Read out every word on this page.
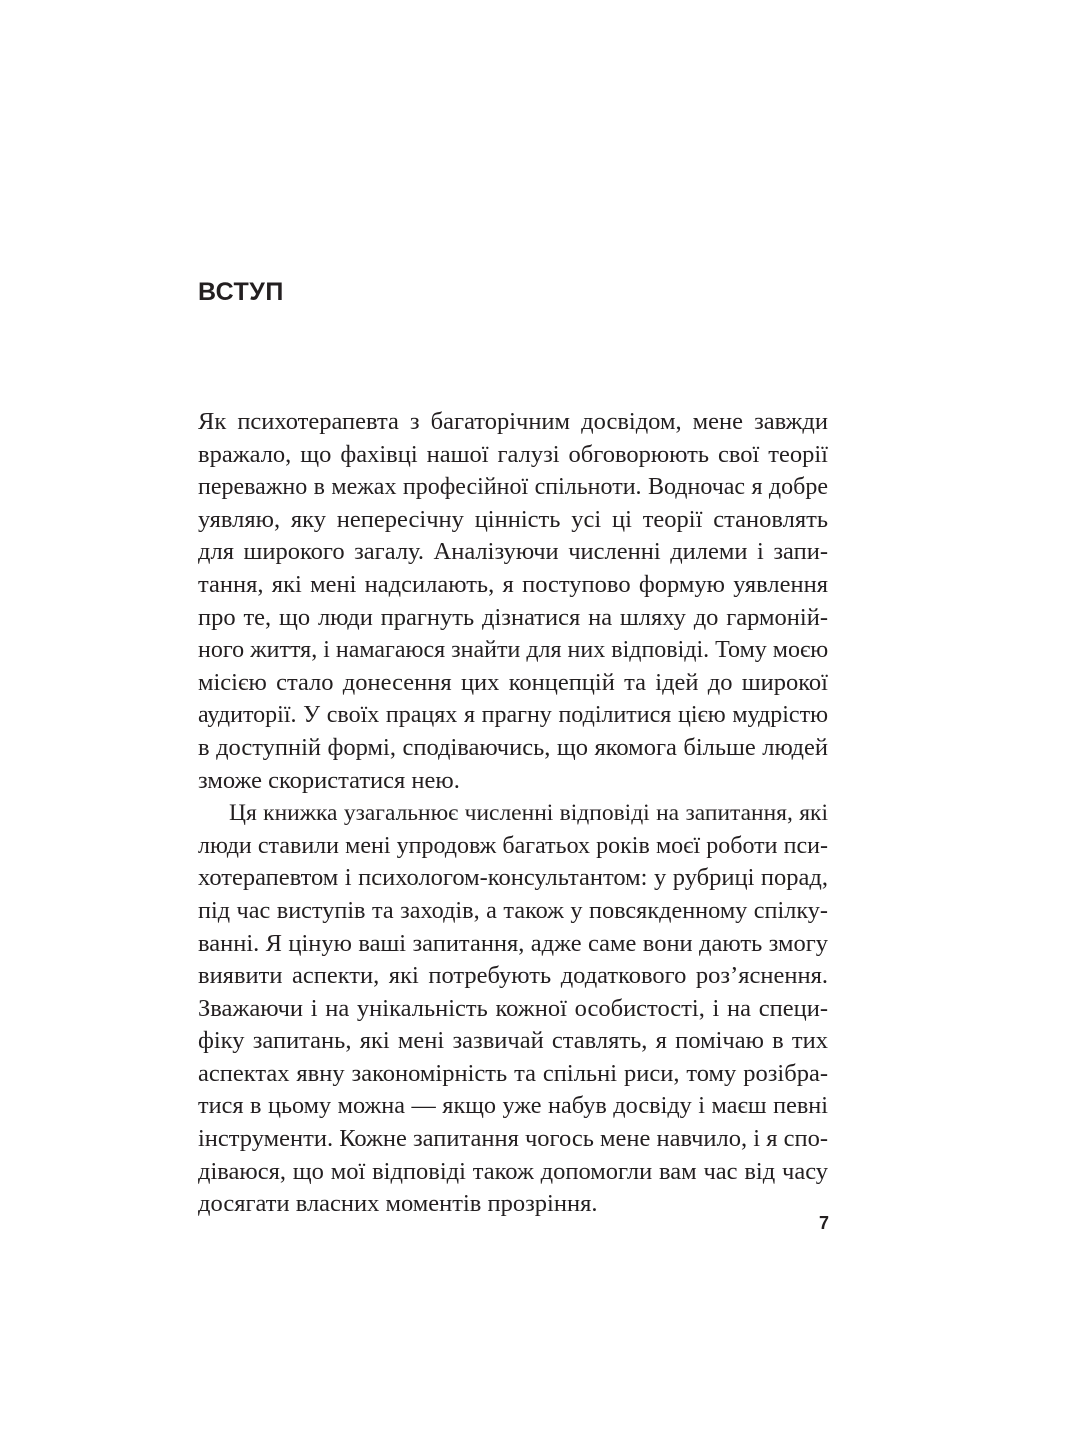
ВСТУП
Як психотерапевта з багаторічним досвідом, мене завжди
вражало, що фахівці нашої галузі обговорюють свої теорії
переважно в межах професійної спільноти. Водночас я добре
уявляю, яку непересічну цінність усі ці теорії становлять
для широкого загалу. Аналізуючи численні дилеми і запи-
тання, які мені надсилають, я поступово формую уявлення
про те, що люди прагнуть дізнатися на шляху до гармоній-
ного життя, і намагаюся знайти для них відповіді. Тому моєю
місією стало донесення цих концепцій та ідей до широкої
аудиторії. У своїх працях я прагну поділитися цією мудрістю
в доступній формі, сподіваючись, що якомога більше людей
зможе скористатися нею.
Ця книжка узагальнює численні відповіді на запитання, які
люди ставили мені упродовж багатьох років моєї роботи пси-
хотерапевтом і психологом-консультантом: у рубриці порад,
під час виступів та заходів, а також у повсякденному спілку-
ванні. Я ціную ваші запитання, адже саме вони дають змогу
виявити аспекти, які потребують додаткового роз’яснення.
Зважаючи і на унікальність кожної особистості, і на специ-
фіку запитань, які мені зазвичай ставлять, я помічаю в тих
аспектах явну закономірність та спільні риси, тому розібра-
тися в цьому можна — якщо уже набув досвіду і маєш певні
інструменти. Кожне запитання чогось мене навчило, і я спо-
діваюся, що мої відповіді також допомогли вам час від часу
досягати власних моментів прозріння.
7
